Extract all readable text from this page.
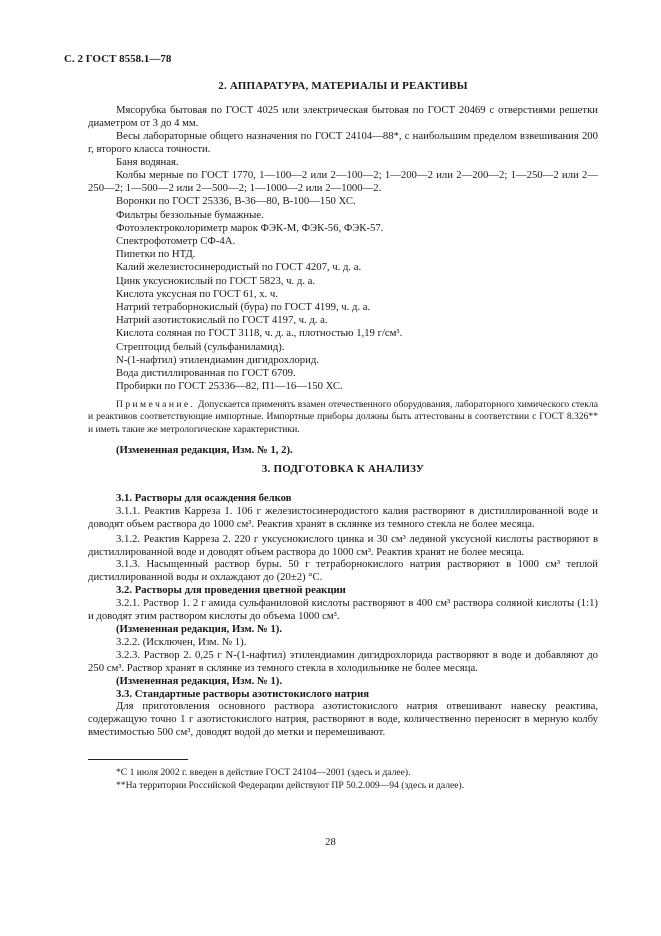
С. 2 ГОСТ 8558.1—78
2. АППАРАТУРА, МАТЕРИАЛЫ И РЕАКТИВЫ

Мясорубка бытовая по ГОСТ 4025 или электрическая бытовая по ГОСТ 20469 с отверстиями решетки диаметром от 3 до 4 мм.

Весы лабораторные общего назначения по ГОСТ 24104—88*, с наибольшим пределом взвешивания 200 г, второго класса точности.

Баня водяная.

Колбы мерные по ГОСТ 1770, 1—100—2 или 2—100—2; 1—200—2 или 2—200—2; 1—250—2 или 2—250—2; 1—500—2 или 2—500—2; 1—1000—2 или 2—1000—2.

Воронки по ГОСТ 25336, В-36—80, В-100—150 ХС.

Фильтры беззольные бумажные.

Фотоэлектроколориметр марок ФЭК-М, ФЭК-56, ФЭК-57.

Спектрофотометр СФ-4А.

Пипетки по НТД.

Калий железистосинеродистый по ГОСТ 4207, ч. д. а.

Цинк уксуснокислый по ГОСТ 5823, ч. д. а.

Кислота уксусная по ГОСТ 61, х. ч.

Натрий тетраборнокислый (бура) по ГОСТ 4199, ч. д. а.

Натрий азотистокислый по ГОСТ 4197, ч. д. а.

Кислота соляная по ГОСТ 3118, ч. д. а., плотностью 1,19 г/см³.

Стрептоцид белый (сульфаниламид).

N-(1-нафтил) этилендиамин дигидрохлорид.

Вода дистиллированная по ГОСТ 6709.

Пробирки по ГОСТ 25336—82, П1—16—150 ХС.

Примечание. Допускается применять взамен отечественного оборудования, лабораторного химического стекла и реактивов соответствующие импортные. Импортные приборы должны быть аттестованы в соответствии с ГОСТ 8.326** и иметь такие же метрологические характеристики.

(Измененная редакция, Изм. № 1, 2).

3. ПОДГОТОВКА К АНАЛИЗУ

3.1. Растворы для осаждения белков

3.1.1. Реактив Карреза 1. 106 г железистосинеродистого калия растворяют в дистиллированной воде и доводят объем раствора до 1000 см³. Реактив хранят в склянке из темного стекла не более месяца.

3.1.2. Реактив Карреза 2. 220 г уксуснокислого цинка и 30 см³ ледяной уксусной кислоты растворяют в дистиллированной воде и доводят объем раствора до 1000 см³. Реактив хранят не более месяца.

3.1.3. Насыщенный раствор буры. 50 г тетраборнокислого натрия растворяют в 1000 см³ теплой дистиллированной воды и охлаждают до (20±2) °С.

3.2. Растворы для проведения цветной реакции

3.2.1. Раствор 1. 2 г амида сульфаниловой кислоты растворяют в 400 см³ раствора соляной кислоты (1:1) и доводят этим раствором кислоты до объема 1000 см³.

(Измененная редакция, Изм. № 1).

3.2.2. (Исключен, Изм. № 1).

3.2.3. Раствор 2. 0,25 г N-(1-нафтил) этилендиамин дигидрохлорида растворяют в воде и добавляют до 250 см³. Раствор хранят в склянке из темного стекла в холодильнике не более месяца.

(Измененная редакция, Изм. № 1).

3.3. Стандартные растворы азотистокислого натрия

Для приготовления основного раствора азотистокислого натрия отвешивают навеску реактива, содержащую точно 1 г азотистокислого натрия, растворяют в воде, количественно переносят в мерную колбу вместимостью 500 см³, доводят водой до метки и перемешивают.

*С 1 июля 2002 г. введен в действие ГОСТ 24104—2001 (здесь и далее).

**На территории Российской Федерации действуют ПР 50.2.009—94 (здесь и далее).

28
